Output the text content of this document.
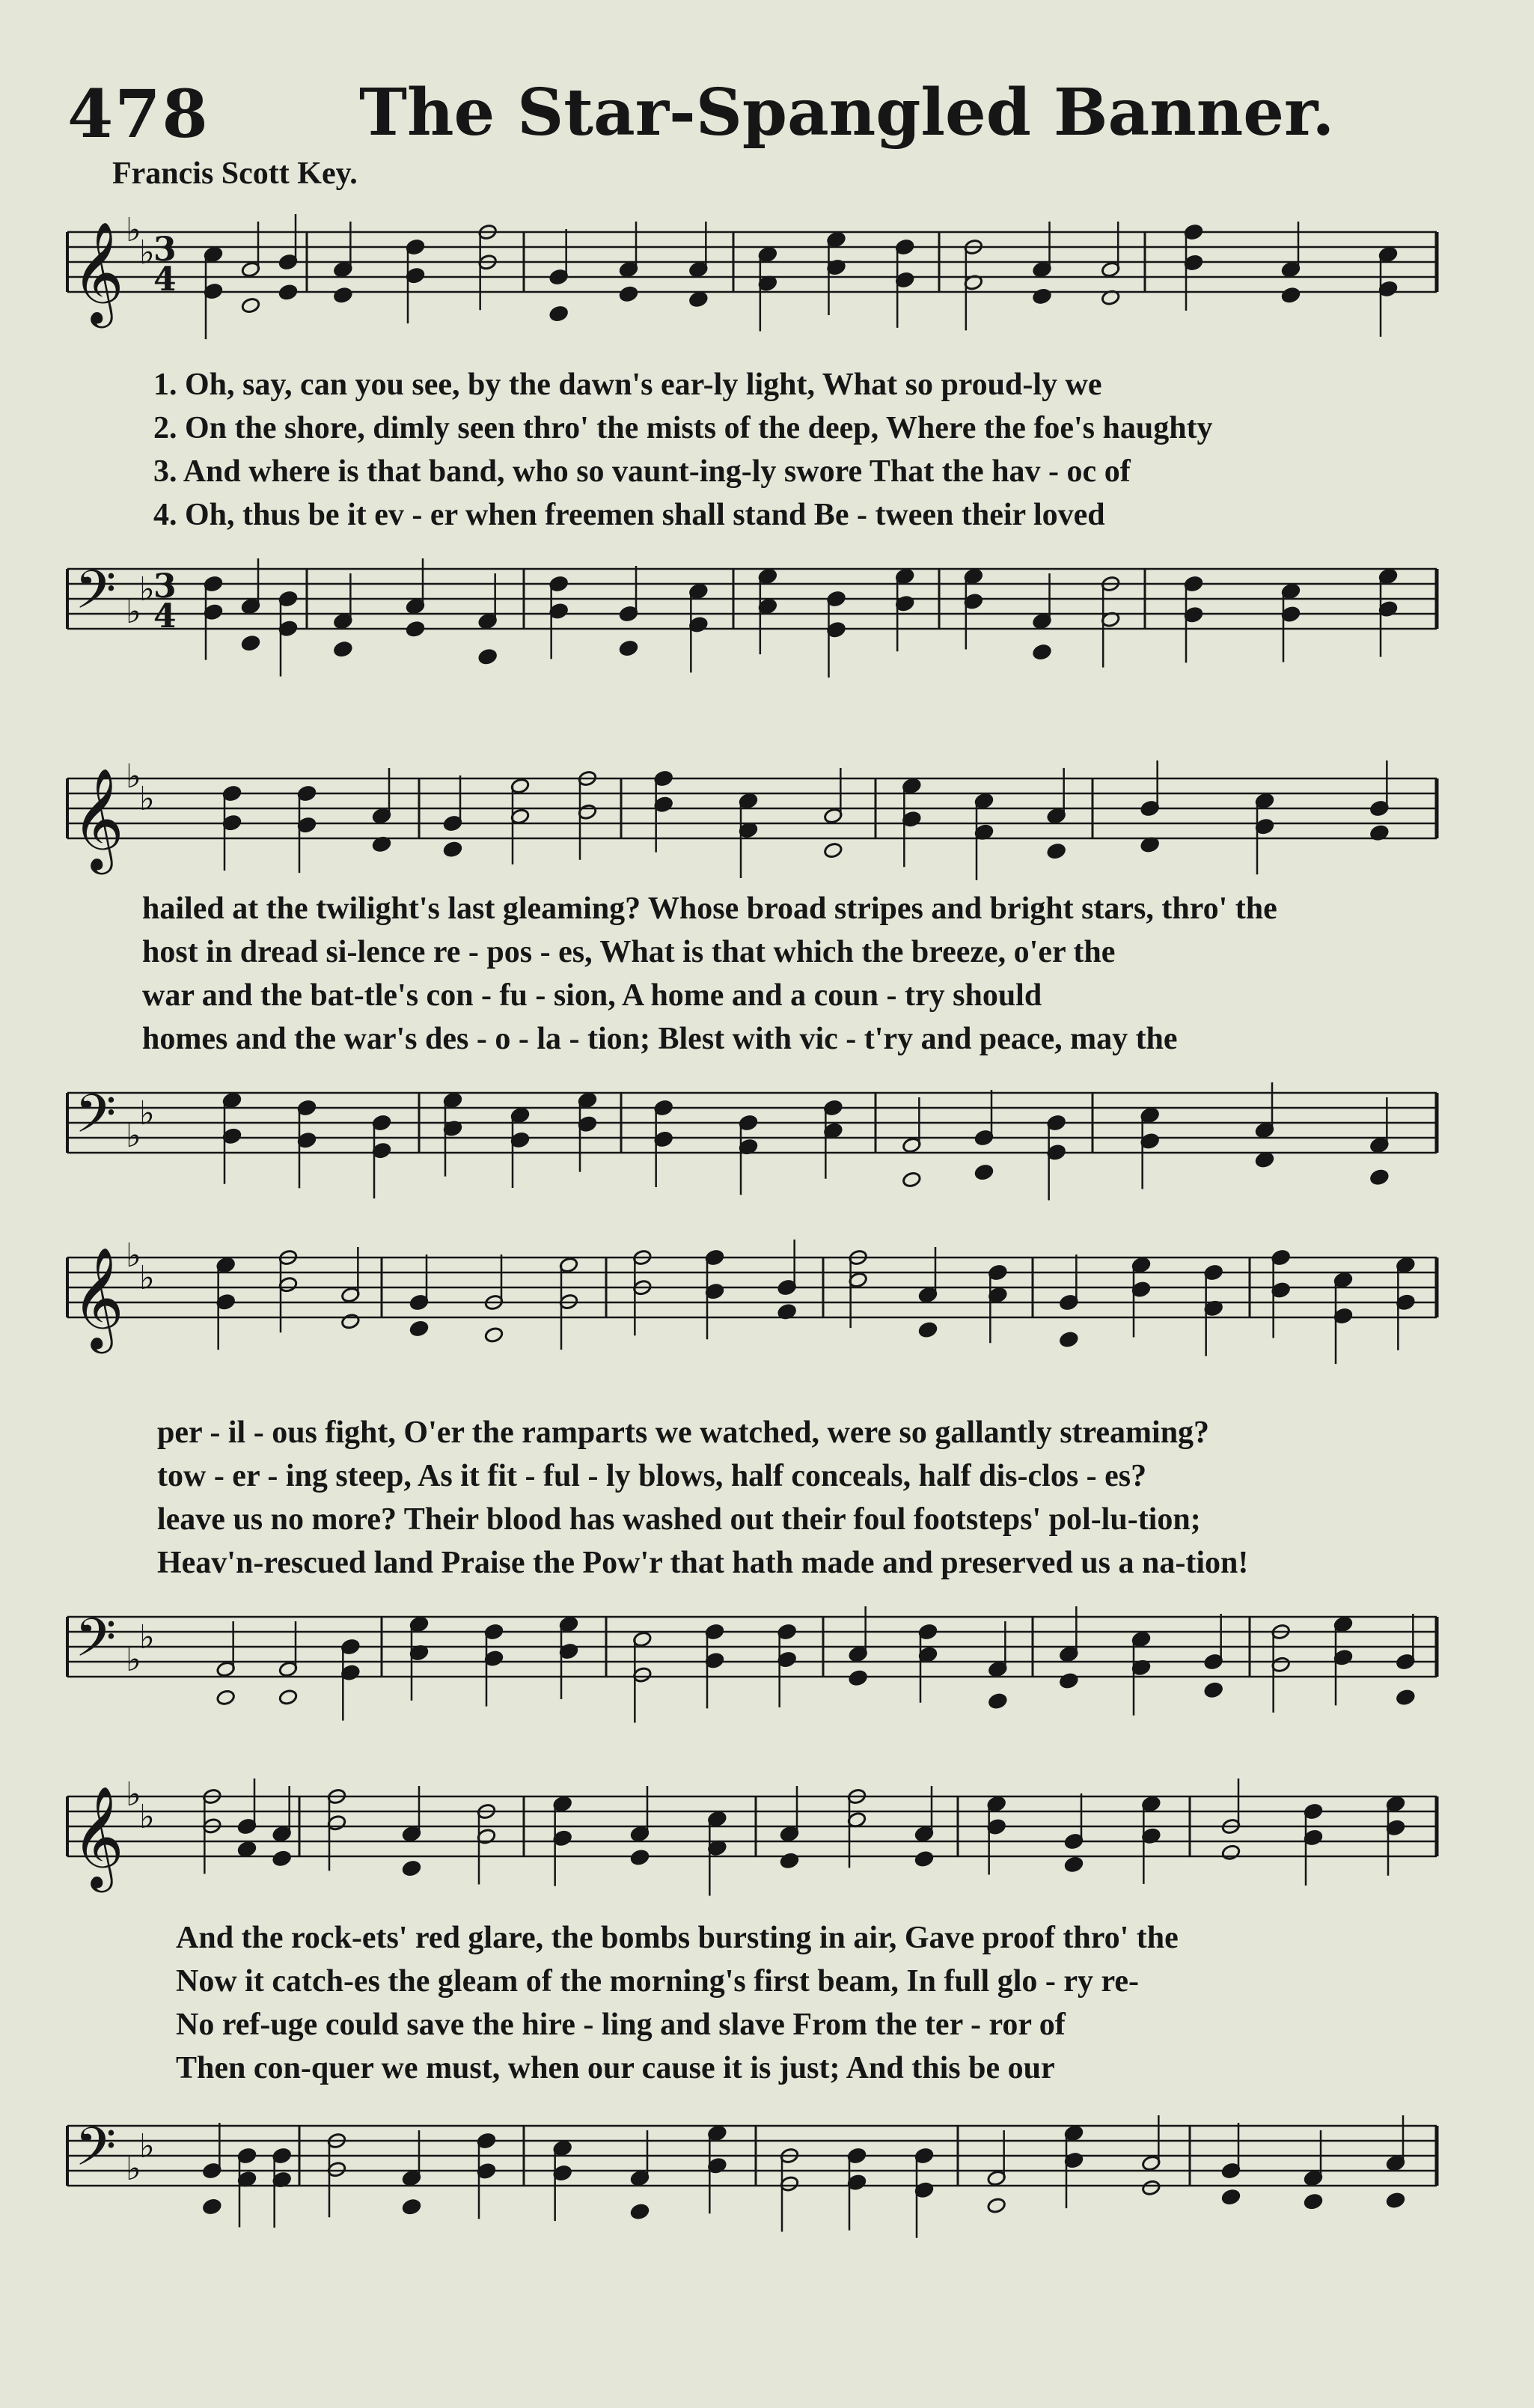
478 The Star-Spangled Banner.
Francis Scott Key.
𝄞 ♭
♭
3
4
1. Oh, say, can you see, by the dawn's ear-ly light, What so proud-ly we
2. On the shore, dimly seen thro' the mists of the deep, Where the foe's haughty
3. And where is that band, who so vaunt-ing-ly swore That the hav - oc of
4. Oh, thus be it ev - er when freemen shall stand Be - tween their loved
𝄢 ♭
♭
3
4
𝄞 ♭
♭
hailed at the twilight's last gleaming? Whose broad stripes and bright stars, thro' the
host in dread si-lence re - pos - es, What is that which the breeze, o'er the
war and the bat-tle's con - fu - sion, A home and a coun - try should
homes and the war's des - o - la - tion; Blest with vic - t'ry and peace, may the
𝄢 ♭
♭
𝄞 ♭
♭
per - il - ous fight, O'er the ramparts we watched, were so gallantly streaming?
tow - er - ing steep, As it fit - ful - ly blows, half conceals, half dis-clos - es?
leave us no more? Their blood has washed out their foul footsteps' pol-lu-tion;
Heav'n-rescued land Praise the Pow'r that hath made and preserved us a na-tion!
𝄢 ♭
♭
𝄞 ♭
♭
And the rock-ets' red glare, the bombs bursting in air, Gave proof thro' the
Now it catch-es the gleam of the morning's first beam, In full glo - ry re-
No ref-uge could save the hire - ling and slave From the ter - ror of
Then con-quer we must, when our cause it is just; And this be our
𝄢 ♭
♭
